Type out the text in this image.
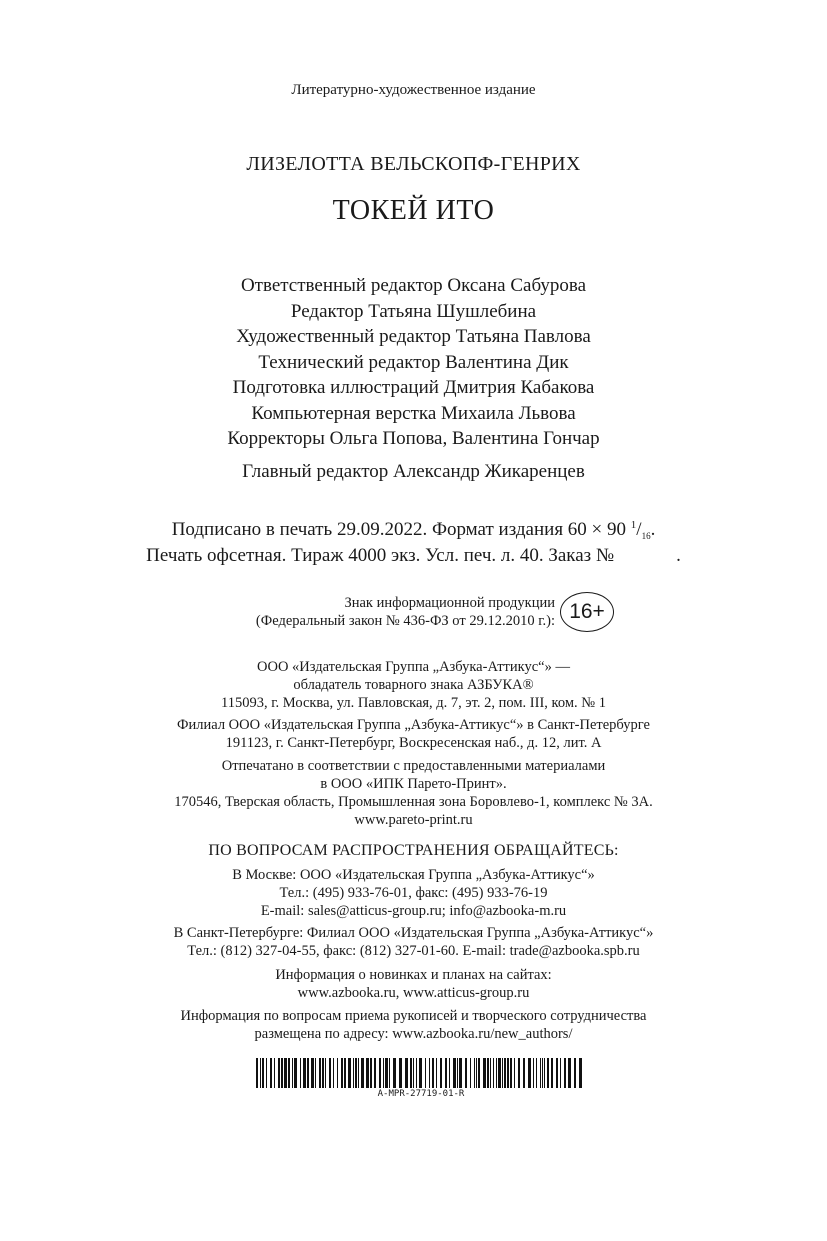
Литературно-художественное издание
ЛИЗЕЛОТТА ВЕЛЬСКОПФ-ГЕНРИХ
ТОКЕЙ ИТО
Ответственный редактор Оксана Сабурова
Редактор Татьяна Шушлебина
Художественный редактор Татьяна Павлова
Технический редактор Валентина Дик
Подготовка иллюстраций Дмитрия Кабакова
Компьютерная верстка Михаила Львова
Корректоры Ольга Попова, Валентина Гончар
Главный редактор Александр Жикаренцев
Подписано в печать 29.09.2022. Формат издания 60 × 90 $^1/_{16}$.
Печать офсетная. Тираж 4000 экз. Усл. печ. л. 40. Заказ №	.
Знак информационной продукции
(Федеральный закон № 436-ФЗ от 29.12.2010 г.): 16+
ООО «Издательская Группа „Азбука-Аттикус“» —
обладатель товарного знака АЗБУКА®
115093, г. Москва, ул. Павловская, д. 7, эт. 2, пом. III, ком. № 1
Филиал ООО «Издательская Группа „Азбука-Аттикус“» в Санкт-Петербурге
191123, г. Санкт-Петербург, Воскресенская наб., д. 12, лит. А
Отпечатано в соответствии с предоставленными материалами
в ООО «ИПК Парето-Принт».
170546, Тверская область, Промышленная зона Боровлево-1, комплекс № 3А.
www.pareto-print.ru
ПО ВОПРОСАМ РАСПРОСТРАНЕНИЯ ОБРАЩАЙТЕСЬ:
В Москве: ООО «Издательская Группа „Азбука-Аттикус“»
Тел.: (495) 933-76-01, факс: (495) 933-76-19
E-mail: sales@atticus-group.ru; info@azbooka-m.ru
В Санкт-Петербурге: Филиал ООО «Издательская Группа „Азбука-Аттикус“»
Тел.: (812) 327-04-55, факс: (812) 327-01-60. E-mail: trade@azbooka.spb.ru
Информация о новинках и планах на сайтах:
www.azbooka.ru, www.atticus-group.ru
Информация по вопросам приема рукописей и творческого сотрудничества
размещена по адресу: www.azbooka.ru/new_authors/
A-MPR-27719-01-R
